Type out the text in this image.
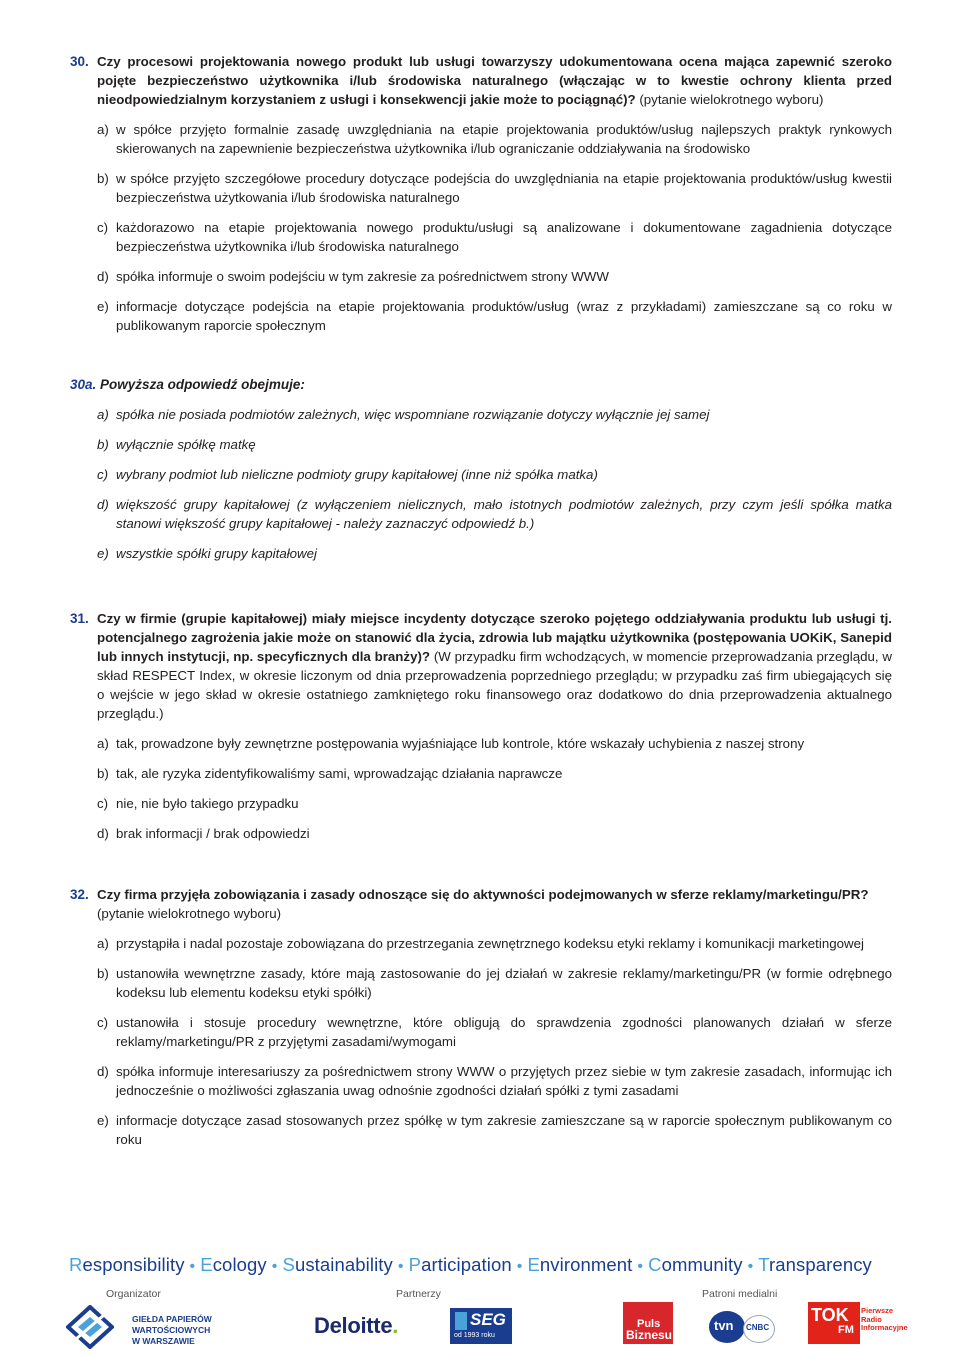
30. Czy procesowi projektowania nowego produkt lub usługi towarzyszy udokumentowana ocena mająca zapewnić szeroko pojęte bezpieczeństwo użytkownika i/lub środowiska naturalnego (włączając w to kwestie ochrony klienta przed nieodpowiedzialnym korzystaniem z usługi i konsekwencji jakie może to pociągnąć)? (pytanie wielokrotnego wyboru)
a) w spółce przyjęto formalnie zasadę uwzględniania na etapie projektowania produktów/usług najlepszych praktyk rynkowych skierowanych na zapewnienie bezpieczeństwa użytkownika i/lub ograniczanie oddziaływania na środowisko
b) w spółce przyjęto szczegółowe procedury dotyczące podejścia do uwzględniania na etapie projektowania produktów/usług kwestii bezpieczeństwa użytkowania i/lub środowiska naturalnego
c) każdorazowo na etapie projektowania nowego produktu/usługi są analizowane i dokumentowane zagadnienia dotyczące bezpieczeństwa użytkownika i/lub środowiska naturalnego
d) spółka informuje o swoim podejściu w tym zakresie za pośrednictwem strony WWW
e) informacje dotyczące podejścia na etapie projektowania produktów/usług (wraz z przykładami) zamieszczane są co roku w publikowanym raporcie społecznym
30a. Powyższa odpowiedź obejmuje:
a) spółka nie posiada podmiotów zależnych, więc wspomniane rozwiązanie dotyczy wyłącznie jej samej
b) wyłącznie spółkę matkę
c) wybrany podmiot lub nieliczne podmioty grupy kapitałowej (inne niż spółka matka)
d) większość grupy kapitałowej (z wyłączeniem nielicznych, mało istotnych podmiotów zależnych, przy czym jeśli spółka matka stanowi większość grupy kapitałowej - należy zaznaczyć odpowiedź b.)
e) wszystkie spółki grupy kapitałowej
31. Czy w firmie (grupie kapitałowej) miały miejsce incydenty dotyczące szeroko pojętego oddziaływania produktu lub usługi tj. potencjalnego zagrożenia jakie może on stanowić dla życia, zdrowia lub majątku użytkownika (postępowania UOKiK, Sanepid lub innych instytucji, np. specyficznych dla branży)? (W przypadku firm wchodzących, w momencie przeprowadzania przeglądu, w skład RESPECT Index, w okresie liczonym od dnia przeprowadzenia poprzedniego przeglądu; w przypadku zaś firm ubiegających się o wejście w jego skład w okresie ostatniego zamkniętego roku finansowego oraz dodatkowo do dnia przeprowadzenia aktualnego przeglądu.)
a) tak, prowadzone były zewnętrzne postępowania wyjaśniające lub kontrole, które wskazały uchybienia z naszej strony
b) tak, ale ryzyka zidentyfikowaliśmy sami, wprowadzając działania naprawcze
c) nie, nie było takiego przypadku
d) brak informacji / brak odpowiedzi
32. Czy firma przyjęła zobowiązania i zasady odnoszące się do aktywności podejmowanych w sferze reklamy/marketingu/PR?
(pytanie wielokrotnego wyboru)
a) przystąpiła i nadal pozostaje zobowiązana do przestrzegania zewnętrznego kodeksu etyki reklamy i komunikacji marketingowej
b) ustanowiła wewnętrzne zasady, które mają zastosowanie do jej działań w zakresie reklamy/marketingu/PR (w formie odrębnego kodeksu lub elementu kodeksu etyki spółki)
c) ustanowiła i stosuje procedury wewnętrzne, które obligują do sprawdzenia zgodności planowanych działań w sferze reklamy/marketingu/PR z przyjętymi zasadami/wymogami
d) spółka informuje interesariuszy za pośrednictwem strony WWW o przyjętych przez siebie w tym zakresie zasadach, informując ich jednocześnie o możliwości zgłaszania uwag odnośnie zgodności działań spółki z tymi zasadami
e) informacje dotyczące zasad stosowanych przez spółkę w tym zakresie zamieszczane są w raporcie społecznym publikowanym co roku
Responsibility • Ecology • Sustainability • Participation • Environment • Community • Transparency
Organizator	Partnerzy	Patroni medialni
GIEŁDA PAPIERÓW
WARTOŚCIOWYCH
W WARSZAWIE
Deloitte.	SEG
od 1993 roku
Puls
Biznesu
tvn CNBC
TOK
FM
Pierwsze
Radio
Informacyjne
